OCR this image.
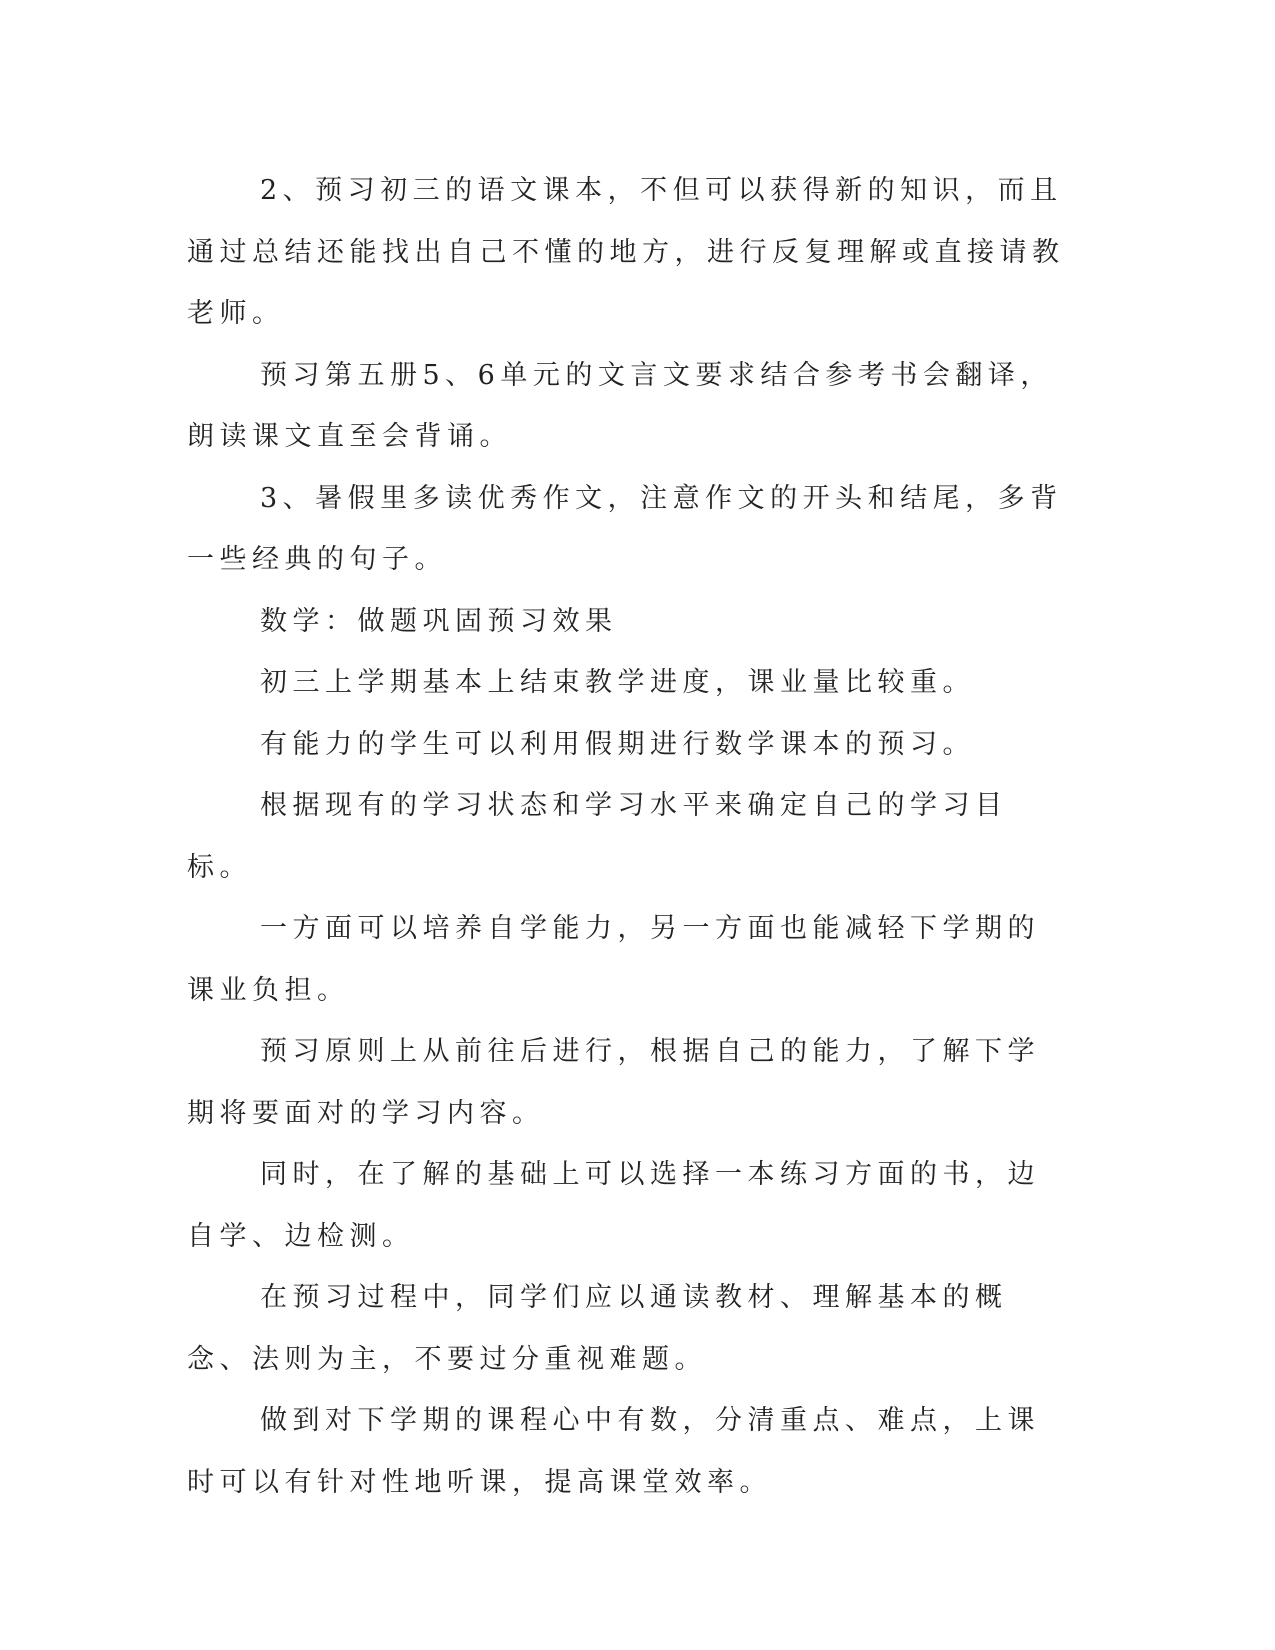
2、预习初三的语文课本，不但可以获得新的知识，而且通过总结还能找出自己不懂的地方，进行反复理解或直接请教老师。

预习第五册5、6单元的文言文要求结合参考书会翻译，朗读课文直至会背诵。

3、暑假里多读优秀作文，注意作文的开头和结尾，多背一些经典的句子。

数学：做题巩固预习效果

初三上学期基本上结束教学进度，课业量比较重。

有能力的学生可以利用假期进行数学课本的预习。

根据现有的学习状态和学习水平来确定自己的学习目标。

一方面可以培养自学能力，另一方面也能减轻下学期的课业负担。

预习原则上从前往后进行，根据自己的能力，了解下学期将要面对的学习内容。

同时，在了解的基础上可以选择一本练习方面的书，边自学、边检测。

在预习过程中，同学们应以通读教材、理解基本的概念、法则为主，不要过分重视难题。

做到对下学期的课程心中有数，分清重点、难点，上课时可以有针对性地听课，提高课堂效率。
